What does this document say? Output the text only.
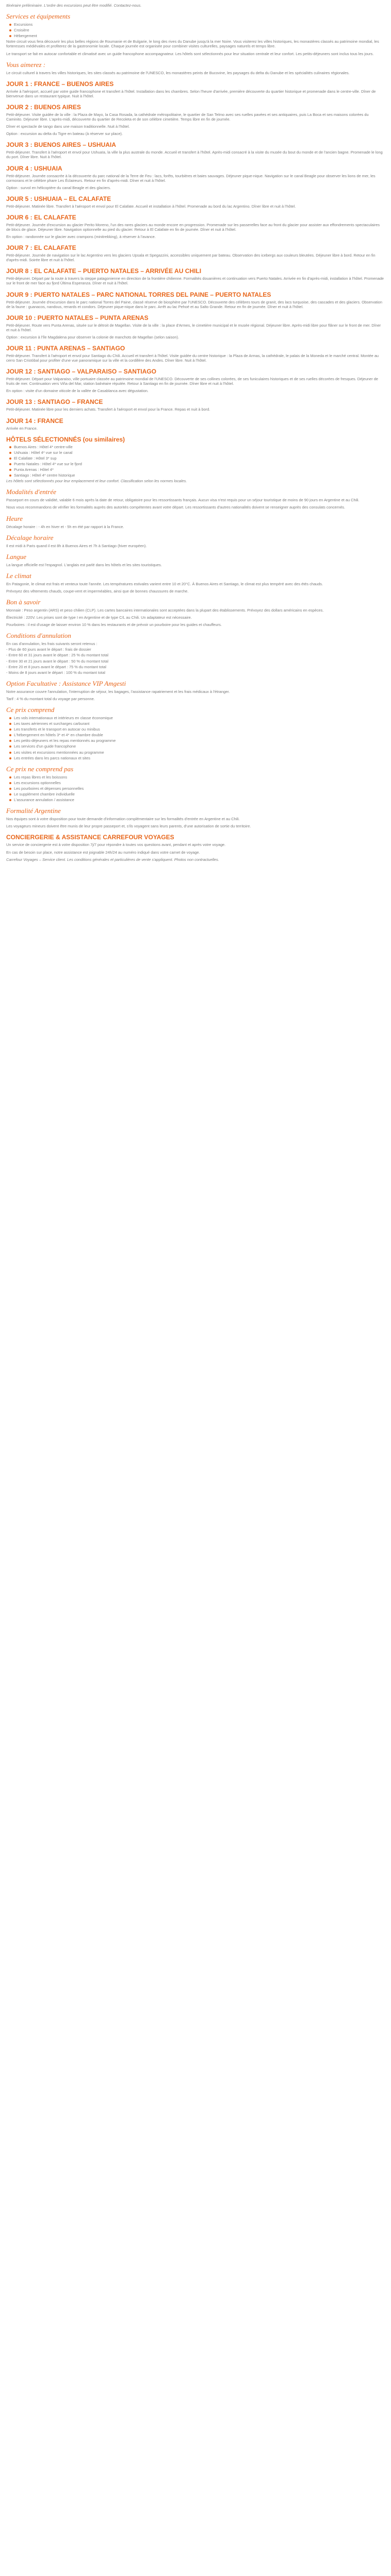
Itinéraire préliminaire. L'ordre des excursions peut être modifié. Contactez-nous.

Services et équipements
Excursions
Croisière
Hébergement

Notre circuit vous fera découvrir les plus belles régions de Roumanie et de Bulgarie, le long des rives du Danube jusqu'à la mer Noire. Vous visiterez les villes historiques, les monastères classés au patrimoine mondial, les forteresses médiévales et profiterez de la gastronomie locale. Chaque journée est organisée pour combiner visites culturelles, paysages naturels et temps libre.

Le transport se fait en autocar confortable et climatisé avec un guide francophone accompagnateur. Les hôtels sont sélectionnés pour leur situation centrale et leur confort. Les petits-déjeuners sont inclus tous les jours.

Vous aimerez :

Le circuit culturel à travers les villes historiques, les sites classés au patrimoine de l'UNESCO, les monastères peints de Bucovine, les paysages du delta du Danube et les spécialités culinaires régionales.

JOUR 1 : FRANCE – BUENOS AIRES

Arrivée à l'aéroport, accueil par votre guide francophone et transfert à l'hôtel. Installation dans les chambres. Selon l'heure d'arrivée, première découverte du quartier historique et promenade dans le centre-ville. Dîner de bienvenue dans un restaurant typique. Nuit à l'hôtel.

JOUR 2 : BUENOS AIRES

Petit-déjeuner. Visite guidée de la ville : la Plaza de Mayo, la Casa Rosada, la cathédrale métropolitaine, le quartier de San Telmo avec ses ruelles pavées et ses antiquaires, puis La Boca et ses maisons colorées du Caminito. Déjeuner libre. L'après-midi, découverte du quartier de Recoleta et de son célèbre cimetière. Temps libre en fin de journée.

Dîner et spectacle de tango dans une maison traditionnelle. Nuit à l'hôtel.

Option : excursion au delta du Tigre en bateau (à réserver sur place).

JOUR 3 : BUENOS AIRES – USHUAIA

Petit-déjeuner. Transfert à l'aéroport et envol pour Ushuaïa, la ville la plus australe du monde. Accueil et transfert à l'hôtel. Après-midi consacré à la visite du musée du bout du monde et de l'ancien bagne. Promenade le long du port. Dîner libre. Nuit à l'hôtel.

JOUR 4 : USHUAIA

Petit-déjeuner. Journée consacrée à la découverte du parc national de la Terre de Feu : lacs, forêts, tourbières et baies sauvages. Déjeuner pique-nique. Navigation sur le canal Beagle pour observer les lions de mer, les cormorans et le célèbre phare Les Éclaireurs. Retour en fin d'après-midi. Dîner et nuit à l'hôtel.

Option : survol en hélicoptère du canal Beagle et des glaciers.

JOUR 5 : USHUAIA – EL CALAFATE

Petit-déjeuner. Matinée libre. Transfert à l'aéroport et envol pour El Calafate. Accueil et installation à l'hôtel. Promenade au bord du lac Argentino. Dîner libre et nuit à l'hôtel.

JOUR 6 : EL CALAFATE

Petit-déjeuner. Journée d'excursion au glacier Perito Moreno, l'un des rares glaciers au monde encore en progression. Promenade sur les passerelles face au front du glacier pour assister aux effondrements spectaculaires de blocs de glace. Déjeuner libre. Navigation optionnelle au pied du glacier. Retour à El Calafate en fin de journée. Dîner et nuit à l'hôtel.

En option : randonnée sur le glacier avec crampons (minitrekking), à réserver à l'avance.

JOUR 7 : EL CALAFATE

Petit-déjeuner. Journée de navigation sur le lac Argentino vers les glaciers Upsala et Spegazzini, accessibles uniquement par bateau. Observation des icebergs aux couleurs bleutées. Déjeuner libre à bord. Retour en fin d'après-midi. Soirée libre et nuit à l'hôtel.

JOUR 8 : EL CALAFATE – PUERTO NATALES – ARRIVÉE AU CHILI

Petit-déjeuner. Départ par la route à travers la steppe patagonienne en direction de la frontière chilienne. Formalités douanières et continuation vers Puerto Natales. Arrivée en fin d'après-midi, installation à l'hôtel. Promenade sur le front de mer face au fjord Última Esperanza. Dîner et nuit à l'hôtel.

JOUR 9 : PUERTO NATALES – PARC NATIONAL TORRES DEL PAINE – PUERTO NATALES

Petit-déjeuner. Journée d'excursion dans le parc national Torres del Paine, classé réserve de biosphère par l'UNESCO. Découverte des célèbres tours de granit, des lacs turquoise, des cascades et des glaciers. Observation de la faune : guanacos, nandous, renards et condors. Déjeuner pique-nique dans le parc. Arrêt au lac Pehoé et au Salto Grande. Retour en fin de journée. Dîner et nuit à l'hôtel.

JOUR 10 : PUERTO NATALES – PUNTA ARENAS

Petit-déjeuner. Route vers Punta Arenas, située sur le détroit de Magellan. Visite de la ville : la place d'Armes, le cimetière municipal et le musée régional. Déjeuner libre. Après-midi libre pour flâner sur le front de mer. Dîner et nuit à l'hôtel.

Option : excursion à l'île Magdalena pour observer la colonie de manchots de Magellan (selon saison).

JOUR 11 : PUNTA ARENAS – SANTIAGO

Petit-déjeuner. Transfert à l'aéroport et envol pour Santiago du Chili. Accueil et transfert à l'hôtel. Visite guidée du centre historique : la Plaza de Armas, la cathédrale, le palais de la Moneda et le marché central. Montée au cerro San Cristóbal pour profiter d'une vue panoramique sur la ville et la cordillère des Andes. Dîner libre. Nuit à l'hôtel.

JOUR 12 : SANTIAGO – VALPARAISO – SANTIAGO

Petit-déjeuner. Départ pour Valparaiso, ville portuaire classée au patrimoine mondial de l'UNESCO. Découverte de ses collines colorées, de ses funiculaires historiques et de ses ruelles décorées de fresques. Déjeuner de fruits de mer. Continuation vers Viña del Mar, station balnéaire réputée. Retour à Santiago en fin de journée. Dîner libre et nuit à l'hôtel.

En option : visite d'un domaine viticole de la vallée de Casablanca avec dégustation.

JOUR 13 : SANTIAGO – FRANCE

Petit-déjeuner. Matinée libre pour les derniers achats. Transfert à l'aéroport et envol pour la France. Repas et nuit à bord.

JOUR 14 : FRANCE

Arrivée en France.

HÔTELS SÉLECTIONNÉS (ou similaires)
Buenos Aires : Hôtel 4* centre-ville
Ushuaia : Hôtel 4* vue sur le canal
El Calafate : Hôtel 3* sup
Puerto Natales : Hôtel 4* vue sur le fjord
Punta Arenas : Hôtel 4*
Santiago : Hôtel 4* centre historique

Les hôtels sont sélectionnés pour leur emplacement et leur confort. Classification selon les normes locales.

Modalités d'entrée

Passeport en cours de validité, valable 6 mois après la date de retour, obligatoire pour les ressortissants français. Aucun visa n'est requis pour un séjour touristique de moins de 90 jours en Argentine et au Chili.

Nous vous recommandons de vérifier les formalités auprès des autorités compétentes avant votre départ. Les ressortissants d'autres nationalités doivent se renseigner auprès des consulats concernés.

Heure

Décalage horaire : - 4h en hiver et - 5h en été par rapport à la France.

Décalage horaire

Il est midi à Paris quand il est 8h à Buenos Aires et 7h à Santiago (hiver européen).

Langue

La langue officielle est l'espagnol. L'anglais est parlé dans les hôtels et les sites touristiques.

Le climat

En Patagonie, le climat est frais et venteux toute l'année. Les températures estivales varient entre 10 et 20°C. À Buenos Aires et Santiago, le climat est plus tempéré avec des étés chauds.

Prévoyez des vêtements chauds, coupe-vent et imperméables, ainsi que de bonnes chaussures de marche.

Bon à savoir

Monnaie : Peso argentin (ARS) et peso chilien (CLP). Les cartes bancaires internationales sont acceptées dans la plupart des établissements. Prévoyez des dollars américains en espèces.

Électricité : 220V. Les prises sont de type I en Argentine et de type C/L au Chili. Un adaptateur est nécessaire.

Pourboires : il est d'usage de laisser environ 10 % dans les restaurants et de prévoir un pourboire pour les guides et chauffeurs.

Conditions d'annulation

En cas d'annulation, les frais suivants seront retenus :

- Plus de 60 jours avant le départ : frais de dossier

- Entre 60 et 31 jours avant le départ : 25 % du montant total

- Entre 30 et 21 jours avant le départ : 50 % du montant total

- Entre 20 et 8 jours avant le départ : 75 % du montant total

- Moins de 8 jours avant le départ : 100 % du montant total

Option Facultative : Assistance VIP Amgesti

Notre assurance couvre l'annulation, l'interruption de séjour, les bagages, l'assistance rapatriement et les frais médicaux à l'étranger.

Tarif : 4 % du montant total du voyage par personne.

Ce prix comprend
Les vols internationaux et intérieurs en classe économique
Les taxes aériennes et surcharges carburant
Les transferts et le transport en autocar ou minibus
L'hébergement en hôtels 3* et 4* en chambre double
Les petits-déjeuners et les repas mentionnés au programme
Les services d'un guide francophone
Les visites et excursions mentionnées au programme
Les entrées dans les parcs nationaux et sites
Ce prix ne comprend pas
Les repas libres et les boissons
Les excursions optionnelles
Les pourboires et dépenses personnelles
Le supplément chambre individuelle
L'assurance annulation / assistance
Formalité Argentine

Nos équipes sont à votre disposition pour toute demande d'information complémentaire sur les formalités d'entrée en Argentine et au Chili.

Les voyageurs mineurs doivent être munis de leur propre passeport et, s'ils voyagent sans leurs parents, d'une autorisation de sortie du territoire.

CONCIERGERIE & ASSISTANCE CARREFOUR VOYAGES

Un service de conciergerie est à votre disposition 7j/7 pour répondre à toutes vos questions avant, pendant et après votre voyage.

En cas de besoin sur place, notre assistance est joignable 24h/24 au numéro indiqué dans votre carnet de voyage.

Carrefour Voyages – Service client. Les conditions générales et particulières de vente s'appliquent. Photos non contractuelles.
